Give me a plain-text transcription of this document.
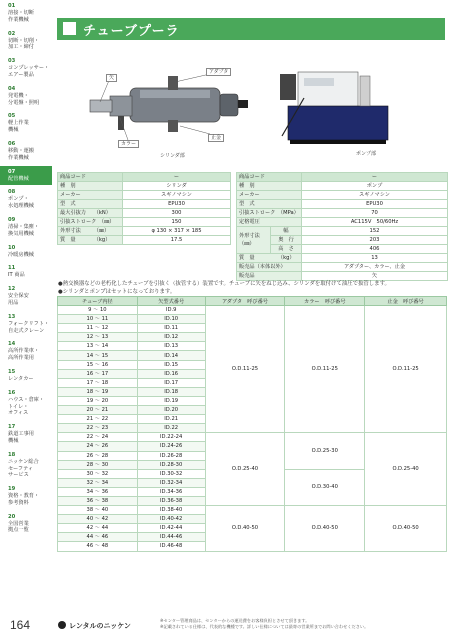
01
溶接・切断
作業機械
02
切断・切削・
加工・締付
03
コンプレッサー・
エアー製品
04
発電機・
分電盤・照明
05
軽上作業
機械
06
移動・運搬
作業機械
07
配管機械
08
ポンプ・
水処理機械
09
清掃・集塵・
換気用機械
10
冷暖房機械
11
IT 商品
12
安全保安
用品
13
フォークリフト・
自走式クレーン
14
高所作業車・
高所作業用
15
レンタカー
16
ハウス・倉庫・
トイレ・
オフィス
17
鉄道工事用
機械
18
ニッケン総合
セーフティ
サービス
19
資格・教育・
参考資料
20
全国営業
拠点一覧
チューブプーラ
矢
アダプタ
カラー
止金
シリンダ部	ポンプ部
商品コード	ー
種　別	シリンダ
メーカー	スギノマシン
型　式	EPU30
最大引抜力　　（kN）	300
引抜ストローク　（㎜）	150
外形寸法　　　（㎜）	φ 130 × 317 × 185
質　量　　　　（kg）	17.5
商品コード		ー
種　別		ポンプ
メーカー		スギノマシン
型　式		EPU30
引抜ストローク　（MPa）		70
定格電圧		AC115V　50/60Hz
外形寸法
（㎜）	幅	152
	奥　行	203
	高　さ	406
質　量　　　　　（kg）		13
販売品（本体以外）		アダプター、カラー、止金
販売品		矢
●熱交換器などの老朽化したチューブを引抜く（抜管する）装置です。チューブに矢をねじ込み、シリンダを取付けて油圧で抜管します。
●シリンダとポンプはセットになっております。
チューブ内径	矢型式番号	アダプタ　呼び番号	カラー　呼び番号	止金　呼び番号
9 〜 10	ID.9	O.D.11-25	O.D.11-25	O.D.11-25
10 〜 11	ID.10			
11 〜 12	ID.11			
12 〜 13	ID.12			
13 〜 14	ID.13			
14 〜 15	ID.14			
15 〜 16	ID.15			
16 〜 17	ID.16			
17 〜 18	ID.17			
18 〜 19	ID.18			
19 〜 20	ID.19			
20 〜 21	ID.20			
21 〜 22	ID.21			
22 〜 23	ID.22			
22 〜 24	ID.22-24	O.D.25-40	O.D.25-30	O.D.25-40
24 〜 26	ID.24-26			
26 〜 28	ID.26-28			
28 〜 30	ID.28-30			
30 〜 32	ID.30-32		O.D.30-40	
32 〜 34	ID.32-34			
34 〜 36	ID.34-36			
36 〜 38	ID.36-38			
38 〜 40	ID.38-40	O.D.40-50	O.D.40-50	O.D.40-50
40 〜 42	ID.40-42			
42 〜 44	ID.42-44			
44 〜 46	ID.44-46			
46 〜 48	ID.46-48			
164	レンタルのニッケン
※センター管理商品は、センターからの運送費をお客様負担とさせて頂きます。
※記載されている仕様は、代表的な機種です。詳しい仕様については最寄の営業所までお問い合わせください。
